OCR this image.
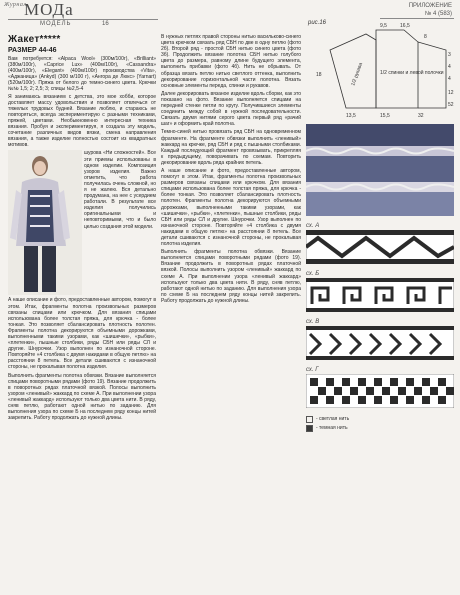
Журнал
МОДа
МОДЕЛЬ	16
ПРИЛОЖЕНИЕ
№ 4 (583)
Жакет*****
РАЗМЕР 44-46

Вам потребуется: «Alpaca Wool» (300м/100г), «Brilliant» (380м/100г), «Caprice Lux» (400м/100г), «Cassandra» (400м/100г), «Elegant» (400м/100г) производства «Vita», «Аджаница» (Ankyd) (300 м/100 г), «Ангора де Люкс» (Yarnart) (520м/100г). Пряжа от белого до темно-синего цвета. Крючки №№ 1,5; 2; 2,5; 3; спицы №2,5-4

Я занимаюсь вязанием с детства, это мое хобби, которое доставляет массу удовольствия и позволяет отвлечься от тяжелых трудовых будней. Вязание люблю, и стараюсь не повторяться, всегда экспериментирую с разными техниками, пряжей, цветами. Необыкновенно интересная техника вязания. Пробуя и экспериментируя, я создала эту модель, сочетание различных видов вязки, смена направления вязания, а также изделие полностью состоит из квадратных мотивов.

шурова «Ни сложностей». Все эти приемы использованы в одном изделии. Композиция узоров изделия. Важно отметить, что работа получилась очень сложной, но я не жалею. Вся детально продумана, на нее с усердием работали. В результате все изделия получились оригинальными и неповторимыми, что и было целью создания этой модели.

А наше описание и фото, предоставленные автором, помогут в этом. Итак, фрагменты полотна произвольных размеров связаны спицами или крючком. Для вязания спицами использована более толстая пряжа, для крючка - более тонкая. Это позволяет сбалансировать плотность полотен. Фрагменты полотна декорируются объемными дорожками, выполненными такими узорами, как «шишечки», «рыбки», «плетенки», пышные столбики, ряды СБН или ряды СЛ и другие. Шнурочки. Узор выполнен по изнаночной стороне. Повторяйте «4 столбика с двумя накидами в общую петлю» на расстоянии 8 петель. Все детали сшиваются с изнаночной стороны, не прокалывая полотна изделия.

Выполнить фрагменты полотна обвязки. Вязание выполняется спицами поворотными рядами (фото 19). Вязание продолжить в поворотных рядах платочной вязкой. Полосы выполнить узором «ленивый» жаккард по схеме А. При выполнении узора «ленивый жаккард» используют только два цвета нити. В ряду, сняв петлю, работают одной нитью по заданию. Для выполнения узора по схеме Б на последнем ряду концы нитей закрепить. Работу продолжать до нужной длины.

В нужных петлях правой стороны нитью васильково-синего цвета крючком связать ряд СБН по две в одну петлю (фото 2б). Второй ряд - простой СБН нитью синего цвета (фото 3б). Продолжить вязание полотна СБН нитью голубого цвета до размера, равному длине будущего элемента, выполнить прибавки (фото 4б). Нить не обрывать. От образца вязать петлю нитью светлого оттенка, выполнить декорирование горизонтальной части полотна. Вязать основные элементы переда, спинки и рукавов.

Далее декорировать вязаное изделие вдоль сборки, как это показано на фото. Вязание выполняется спицами на передней стенке петли по кругу. Получившиеся элементы соединить между собой в нужной последовательности. Связать двумя нитями серого цвета первый ряд «рачий шаг» и оформить край полотна.

Темно-синей нитью провязать ряд СБН на одновременном фрагменте. На фрагменте обвязки выполнить «ленивый» жаккард на крючке, ряд СБН и ряд с пышными столбиками. Каждый последующий фрагмент провязывать, прикрепляя к предыдущему, поворачивать по схемам. Повторить декорирование вдоль ряда крайних петель.

А наше описание и фото, предоставленные автором, помогут в этом. Итак, фрагменты полотна произвольных размеров связаны спицами или крючком. Для вязания спицами использована более толстая пряжа, для крючка - более тонкая. Это позволяет сбалансировать плотность полотен. Фрагменты полотна декорируются объемными дорожками, выполненными такими узорами, как «шишечки», «рыбки», «плетенки», пышные столбики, ряды СБН или ряды СЛ и другие. Шнурочки. Узор выполнен по изнаночной стороне. Повторяйте «4 столбика с двумя накидами в общую петлю» на расстоянии 8 петель. Все детали сшиваются с изнаночной стороны, не прокалывая полотна изделия.

Выполнить фрагменты полотна обвязки. Вязание выполняется спицами поворотными рядами (фото 19). Вязание продолжить в поворотных рядах платочной вязкой. Полосы выполнить узором «ленивый» жаккард по схеме А. При выполнении узора «ленивый жаккард» используют только два цвета нити. В ряду, сняв петлю, работают одной нитью по заданию. Для выполнения узора по схеме Б на последнем ряду концы нитей закрепить. Работу продолжать до нужной длины.

рис.16	9,5	16,5
8
3
4
4
12
52
1/2 рукава	1/2 спинки и левой полочки
18
13,5	15,5	32
сх. А
сх. Б
сх. В
сх. Г
- светлая нить
- темная нить
